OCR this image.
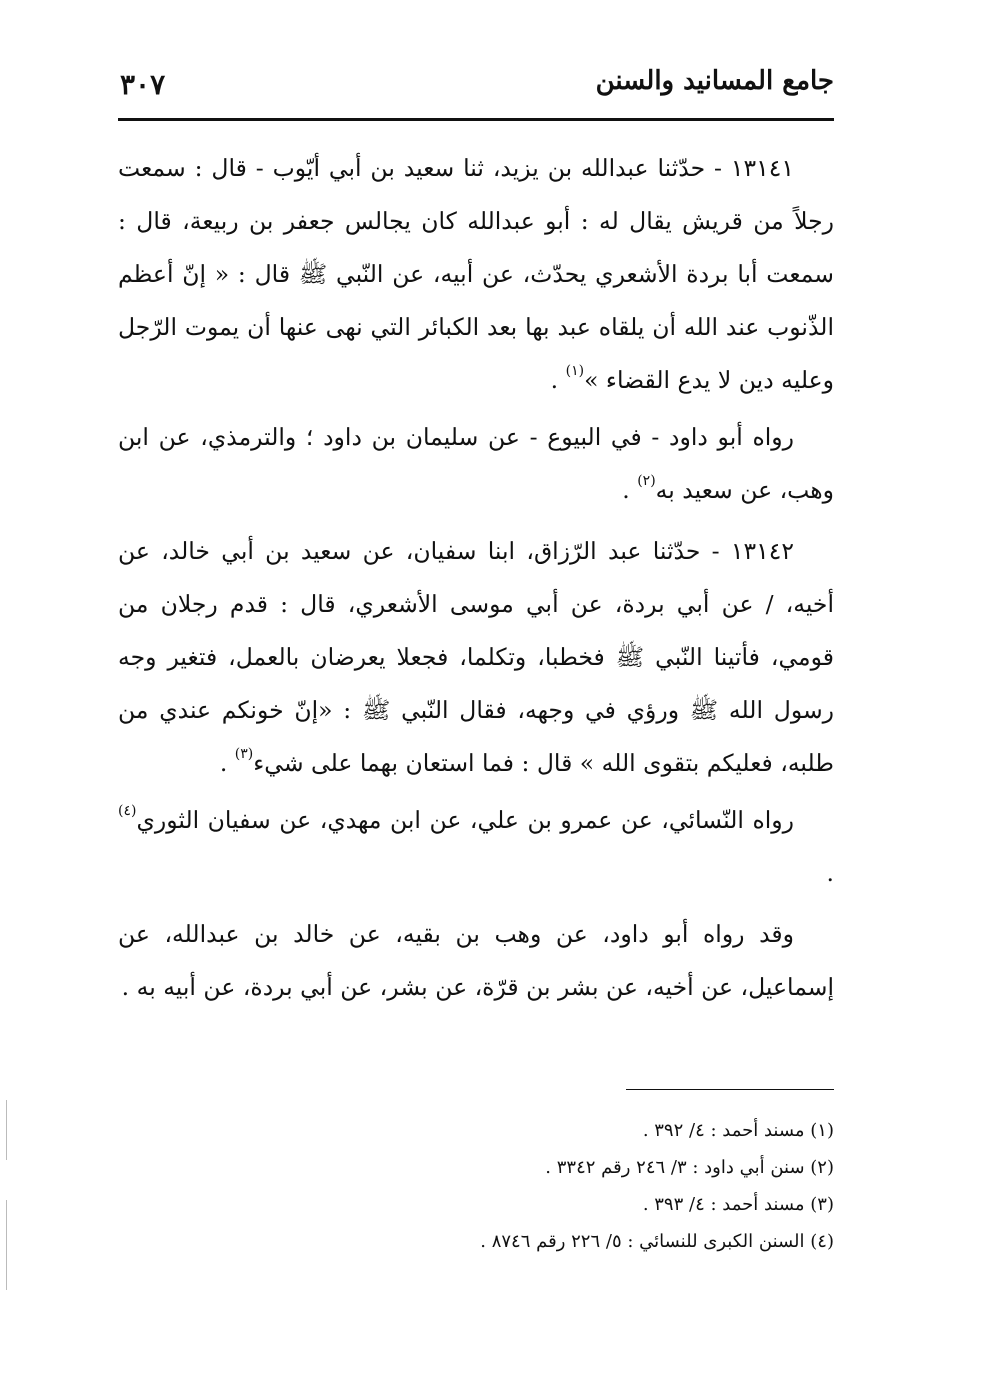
جامع المسانيد والسنن
٣٠٧

١٣١٤١ - حدّثنا عبدالله بن يزيد، ثنا سعيد بن أبي أيّوب - قال : سمعت رجلاً من قريش يقال له : أبو عبدالله كان يجالس جعفر بن ربيعة، قال : سمعت أبا بردة الأشعري يحدّث، عن أبيه، عن النّبي ﷺ قال : « إنّ أعظم الذّنوب عند الله أن يلقاه عبد بها بعد الكبائر التي نهى عنها أن يموت الرّجل وعليه دين لا يدع القضاء »$^{(١)}$ .

رواه أبو داود - في البيوع - عن سليمان بن داود ؛ والترمذي، عن ابن وهب، عن سعيد به$^{(٢)}$ .

١٣١٤٢ - حدّثنا عبد الرّزاق، ابنا سفيان، عن سعيد بن أبي خالد، عن أخيه، / عن أبي بردة، عن أبي موسى الأشعري، قال : قدم رجلان من قومي، فأتينا النّبي ﷺ فخطبا، وتكلما، فجعلا يعرضان بالعمل، فتغير وجه رسول الله ﷺ ورؤي في وجهه، فقال النّبي ﷺ : «إنّ خونكم عندي من طلبه، فعليكم بتقوى الله » قال : فما استعان بهما على شيء$^{(٣)}$ .

رواه النّسائي، عن عمرو بن علي، عن ابن مهدي، عن سفيان الثوري$^{(٤)}$ .

وقد رواه أبو داود، عن وهب بن بقيه، عن خالد بن عبدالله، عن إسماعيل، عن أخيه، عن بشر بن قرّة، عن بشر، عن أبي بردة، عن أبيه به .

(١) مسند أحمد : ٤/ ٣٩٢ .
(٢) سنن أبي داود : ٣/ ٢٤٦ رقم ٣٣٤٢ .
(٣) مسند أحمد : ٤/ ٣٩٣ .
(٤) السنن الكبرى للنسائي : ٥/ ٢٢٦ رقم ٨٧٤٦ .
